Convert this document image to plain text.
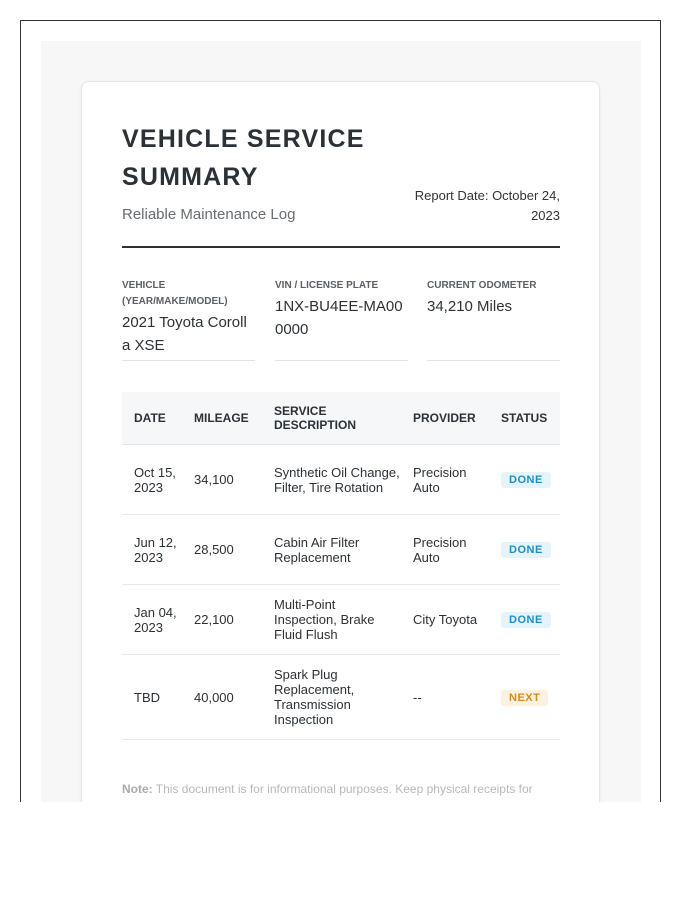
VEHICLE SERVICE SUMMARY
Reliable Maintenance Log
Report Date: October 24, 2023
VEHICLE (YEAR/MAKE/MODEL)
2021 Toyota Corolla XSE
VIN / LICENSE PLATE
1NX-BU4EE-MA000000
CURRENT ODOMETER
34,210 Miles
DATE	MILEAGE	SERVICE DESCRIPTION	PROVIDER	STATUS
Oct 15, 2023	34,100	Synthetic Oil Change, Filter, Tire Rotation	Precision Auto	DONE
Jun 12, 2023	28,500	Cabin Air Filter Replacement	Precision Auto	DONE
Jan 04, 2023	22,100	Multi-Point Inspection, Brake Fluid Flush	City Toyota	DONE
TBD	40,000	Spark Plug Replacement, Transmission Inspection	--	NEXT
Note: This document is for informational purposes. Keep physical receipts for
